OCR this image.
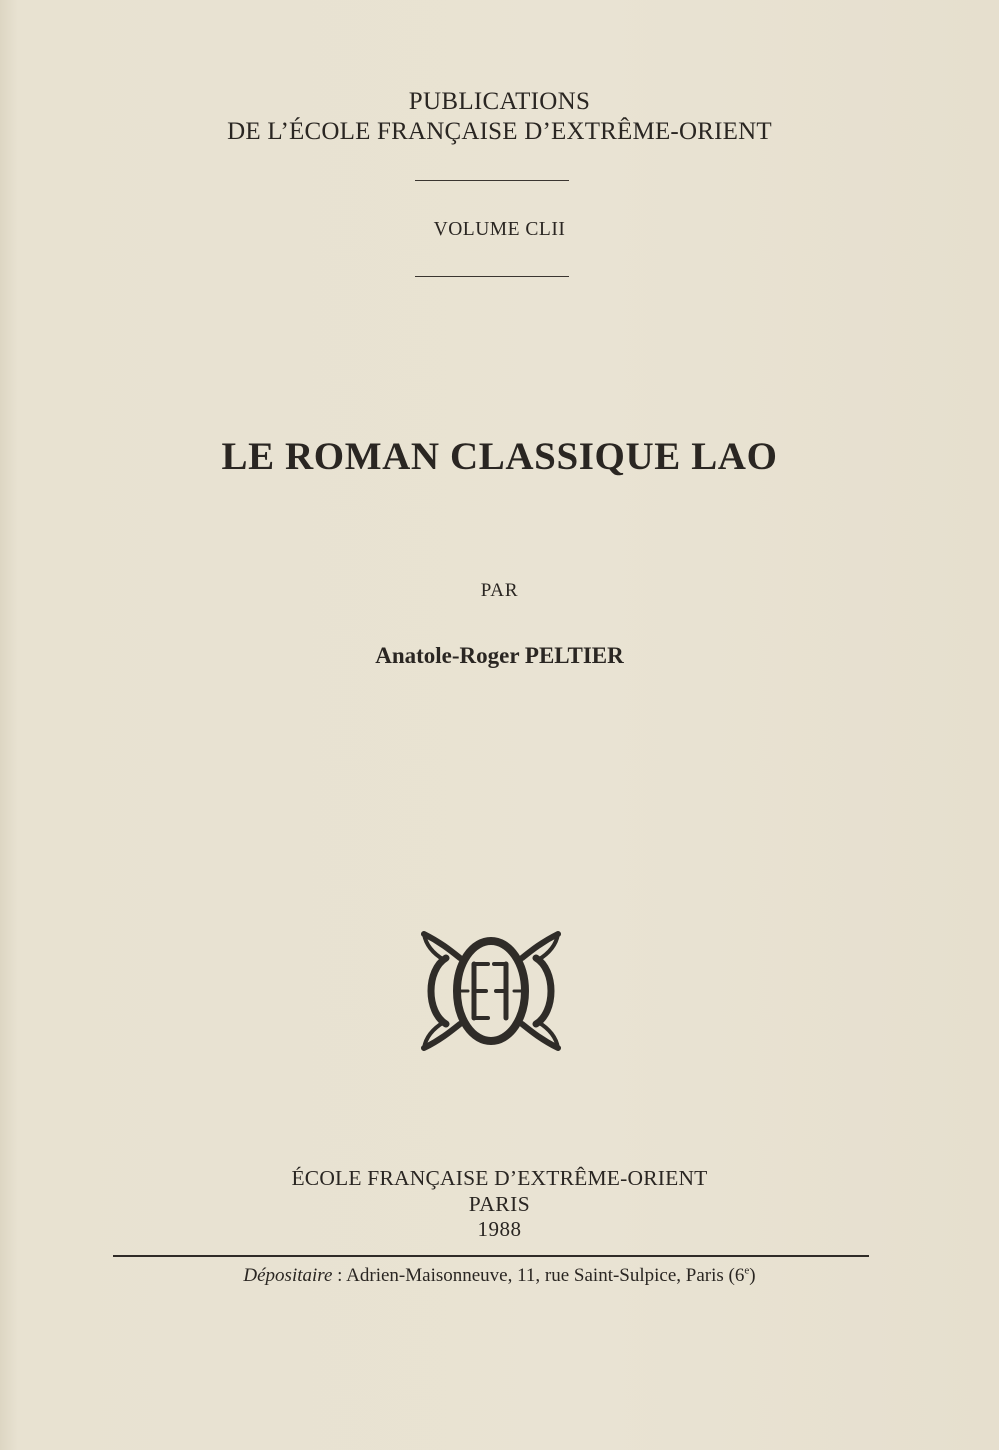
PUBLICATIONS
DE L’ÉCOLE FRANÇAISE D’EXTRÊME-ORIENT
VOLUME CLII
LE ROMAN CLASSIQUE LAO
PAR
Anatole-Roger PELTIER
ÉCOLE FRANÇAISE D’EXTRÊME-ORIENT
PARIS
1988
Dépositaire : Adrien-Maisonneuve, 11, rue Saint-Sulpice, Paris (6e)
